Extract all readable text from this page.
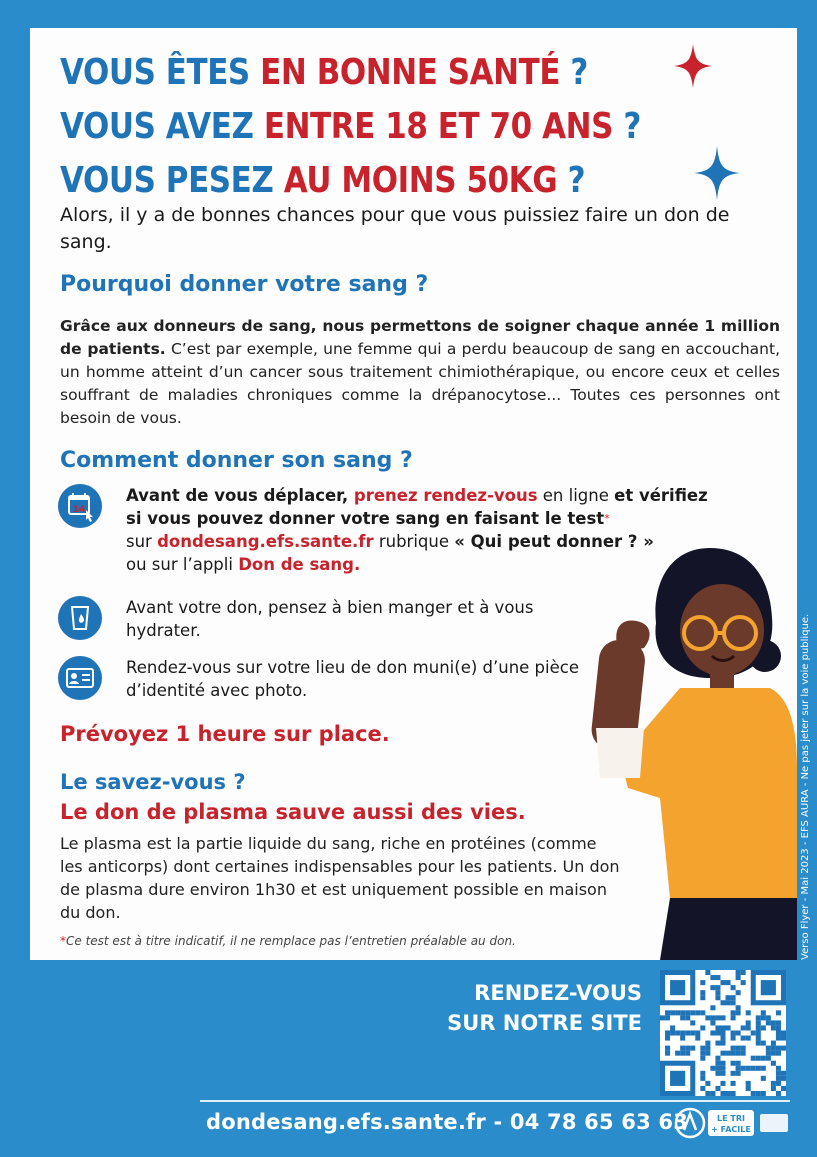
VOUS ÊTES EN BONNE SANTÉ ?
VOUS AVEZ ENTRE 18 ET 70 ANS ?
VOUS PESEZ AU MOINS 50KG ?

Alors, il y a de bonnes chances pour que vous puissiez faire un don de sang.

Pourquoi donner votre sang ?

Grâce aux donneurs de sang, nous permettons de soigner chaque année 1 million de patients. C’est par exemple, une femme qui a perdu beaucoup de sang en accouchant, un homme atteint d’un cancer sous traitement chimiothérapique, ou encore ceux et celles souffrant de maladies chroniques comme la drépanocytose... Toutes ces personnes ont besoin de vous.

Comment donner son sang ?
14
Avant de vous déplacer, prenez rendez-vous en ligne et vérifiez si vous pouvez donner votre sang en faisant le test*
sur dondesang.efs.sante.fr rubrique « Qui peut donner ? »
ou sur l’appli Don de sang.
Avant votre don, pensez à bien manger et à vous hydrater.
Rendez-vous sur votre lieu de don muni(e) d’une pièce d’identité avec photo.
Prévoyez 1 heure sur place.
Le savez-vous ?
Le don de plasma sauve aussi des vies.

Le plasma est la partie liquide du sang, riche en protéines (comme les anticorps) dont certaines indispensables pour les patients. Un don de plasma dure environ 1h30 et est uniquement possible en maison du don.

*Ce test est à titre indicatif, il ne remplace pas l’entretien préalable au don.	Verso Flyer - Mai 2023 - EFS AURA - Ne pas jeter sur la voie publique.
RENDEZ-VOUS
SUR NOTRE SITE
dondesang.efs.sante.fr - 04 78 65 63 63	LE TRI
+ FACILE
